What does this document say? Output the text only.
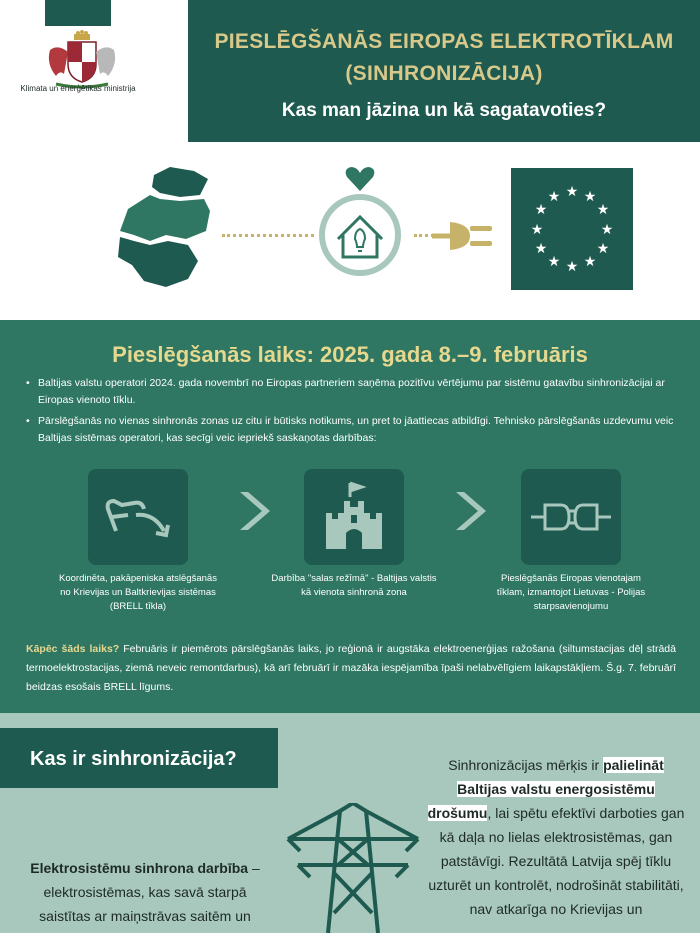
Klimata un enerģētikas ministrija
PIESLĒGŠANĀS EIROPAS ELEKTROTĪKLAM
(SINHRONIZĀCIJA)
Kas man jāzina un kā sagatavoties?
★ ★
★
★
★
★
★
★
★
★
★
★
Pieslēgšanās laiks: 2025. gada 8.–9. februāris
• Baltijas valstu operatori 2024. gada novembrī no Eiropas partneriem saņēma pozitīvu vērtējumu par sistēmu gatavību sinhronizācijai ar Eiropas vienoto tīklu.
• Pārslēgšanās no vienas sinhronās zonas uz citu ir būtisks notikums, un pret to jāattiecas atbildīgi. Tehnisko pārslēgšanās uzdevumu veic Baltijas sistēmas operatori, kas secīgi veic iepriekš saskaņotas darbības:
Koordinēta, pakāpeniska atslēgšanās no Krievijas un Baltkrievijas sistēmas (BRELL tīkla)
Darbība "salas režīmā" - Baltijas valstis kā vienota sinhronā zona
Pieslēgšanās Eiropas vienotajam tīklam, izmantojot Lietuvas - Polijas starpsavienojumu
Kāpēc šāds laiks? Februāris ir piemērots pārslēgšanās laiks, jo reģionā ir augstāka elektroenerģijas ražošana (siltumstacijas dēļ strādā termoelektrostacijas, ziemā neveic remontdarbus), kā arī februārī ir mazāka iespējamība īpaši nelabvēlīgiem laikapstākļiem. Š.g. 7. februārī beidzas esošais BRELL līgums.
Kas ir sinhronizācija?
Elektrosistēmu sinhrona darbība – elektrosistēmas, kas savā starpā saistītas ar maiņstrāvas saitēm un
Sinhronizācijas mērķis ir palielināt
Baltijas valstu energosistēmu
drošumu, lai spētu efektīvi darboties gan kā daļa no lielas elektrosistēmas, gan patstāvīgi. Rezultātā Latvija spēj tīklu uzturēt un kontrolēt, nodrošināt stabilitāti, nav atkarīga no Krievijas un
